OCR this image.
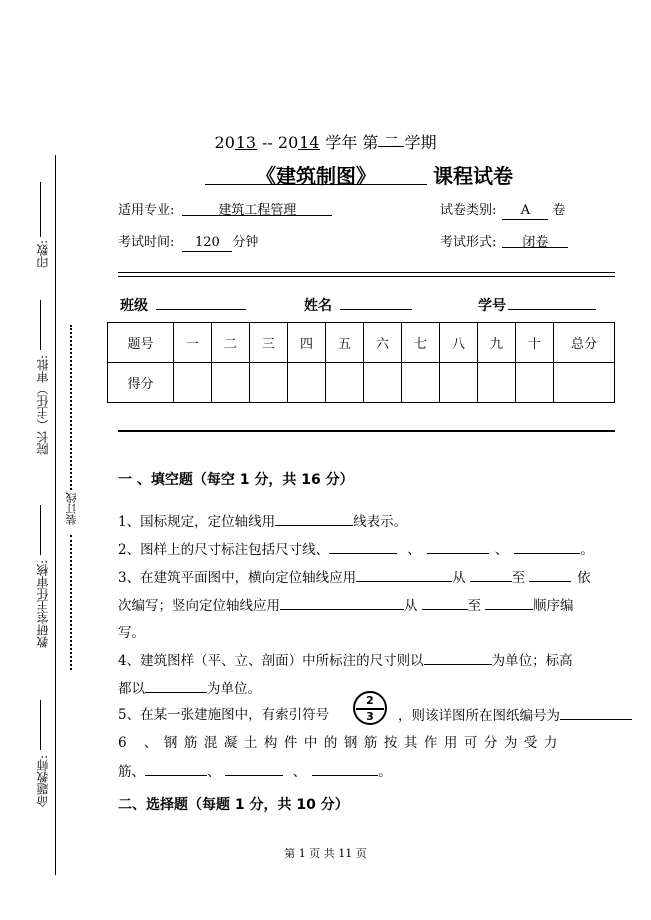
印数:
院长（主任）审批:
教研室主任审核:
命题教师:
装订线
2013 -- 2014 学年 第 二 学期
《建筑制图》	课程试卷
适用专业:	建筑工程管理	试卷类别: A 卷
考试时间: 120 分钟	考试形式: 闭卷
班级	姓名	学号
题号	一	二	三	四	五	六	七	八	九	十	总分
得分											
一 、填空题（每空 1 分，共 16 分）
1、国标规定，定位轴线用	线表示。
2、图样上的尺寸标注包括尺寸线、	、	、	。
3、在建筑平面图中，横向定位轴线应用	从	至	依
次编写；竖向定位轴线应用	从	至	顺序编
写。
4、建筑图样（平、立、剖面）中所标注的尺寸则以	为单位；标高
都以	为单位。
5、在某一张建施图中，有索引符号
2
3	，则该详图所在图纸编号为
6 、钢筋混凝土构件中的钢筋按其作用可分为受力
筋、	、	、	。
二、选择题（每题 1 分，共 10 分）
第 1 页 共 11 页
